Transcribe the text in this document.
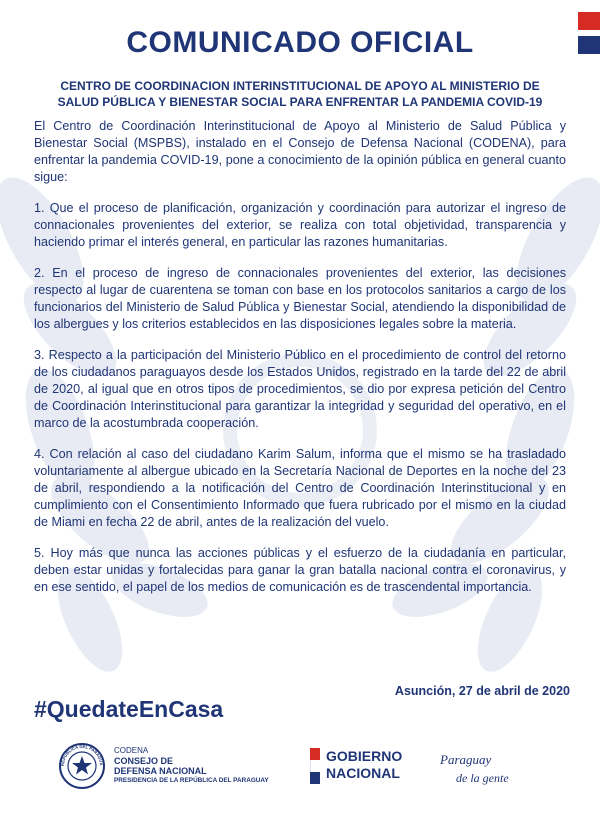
COMUNICADO OFICIAL
CENTRO DE COORDINACION INTERINSTITUCIONAL DE APOYO AL MINISTERIO DE
SALUD PÚBLICA Y BIENESTAR SOCIAL PARA ENFRENTAR LA PANDEMIA COVID-19

El Centro de Coordinación Interinstitucional de Apoyo al Ministerio de Salud Pública y Bienestar Social (MSPBS), instalado en el Consejo de Defensa Nacional (CODENA), para enfrentar la pandemia COVID-19, pone a conocimiento de la opinión pública en general cuanto sigue:

1. Que el proceso de planificación, organización y coordinación para autorizar el ingreso de connacionales provenientes del exterior, se realiza con total objetividad, transparencia y haciendo primar el interés general, en particular las razones humanitarias.

2. En el proceso de ingreso de connacionales provenientes del exterior, las decisiones respecto al lugar de cuarentena se toman con base en los protocolos sanitarios a cargo de los funcionarios del Ministerio de Salud Pública y Bienestar Social, atendiendo la disponibilidad de los albergues y los criterios establecidos en las disposiciones legales sobre la materia.

3. Respecto a la participación del Ministerio Público en el procedimiento de control del retorno de los ciudadanos paraguayos desde los Estados Unidos, registrado en la tarde del 22 de abril de 2020, al igual que en otros tipos de procedimientos, se dio por expresa petición del Centro de Coordinación Interinstitucional para garantizar la integridad y seguridad del operativo, en el marco de la acostumbrada cooperación.

4. Con relación al caso del ciudadano Karim Salum, informa que el mismo se ha trasladado voluntariamente al albergue ubicado en la Secretaría Nacional de Deportes en la noche del 23 de abril, respondiendo a la notificación del Centro de Coordinación Interinstitucional y en cumplimiento con el Consentimiento Informado que fuera rubricado por el mismo en la ciudad de Miami en fecha 22 de abril, antes de la realización del vuelo.

5. Hoy más que nunca las acciones públicas y el esfuerzo de la ciudadanía en particular, deben estar unidas y fortalecidas para ganar la gran batalla nacional contra el coronavirus, y en ese sentido, el papel de los medios de comunicación es de trascendental importancia.

Asunción, 27 de abril de 2020
#QuedateEnCasa
REPUBLICA DEL PARAGUA
CODENA
CONSEJO DE
DEFENSA NACIONAL
PRESIDENCIA DE LA REPÚBLICA DEL PARAGUAY
GOBIERNO
NACIONAL
Paraguay
de la gente
